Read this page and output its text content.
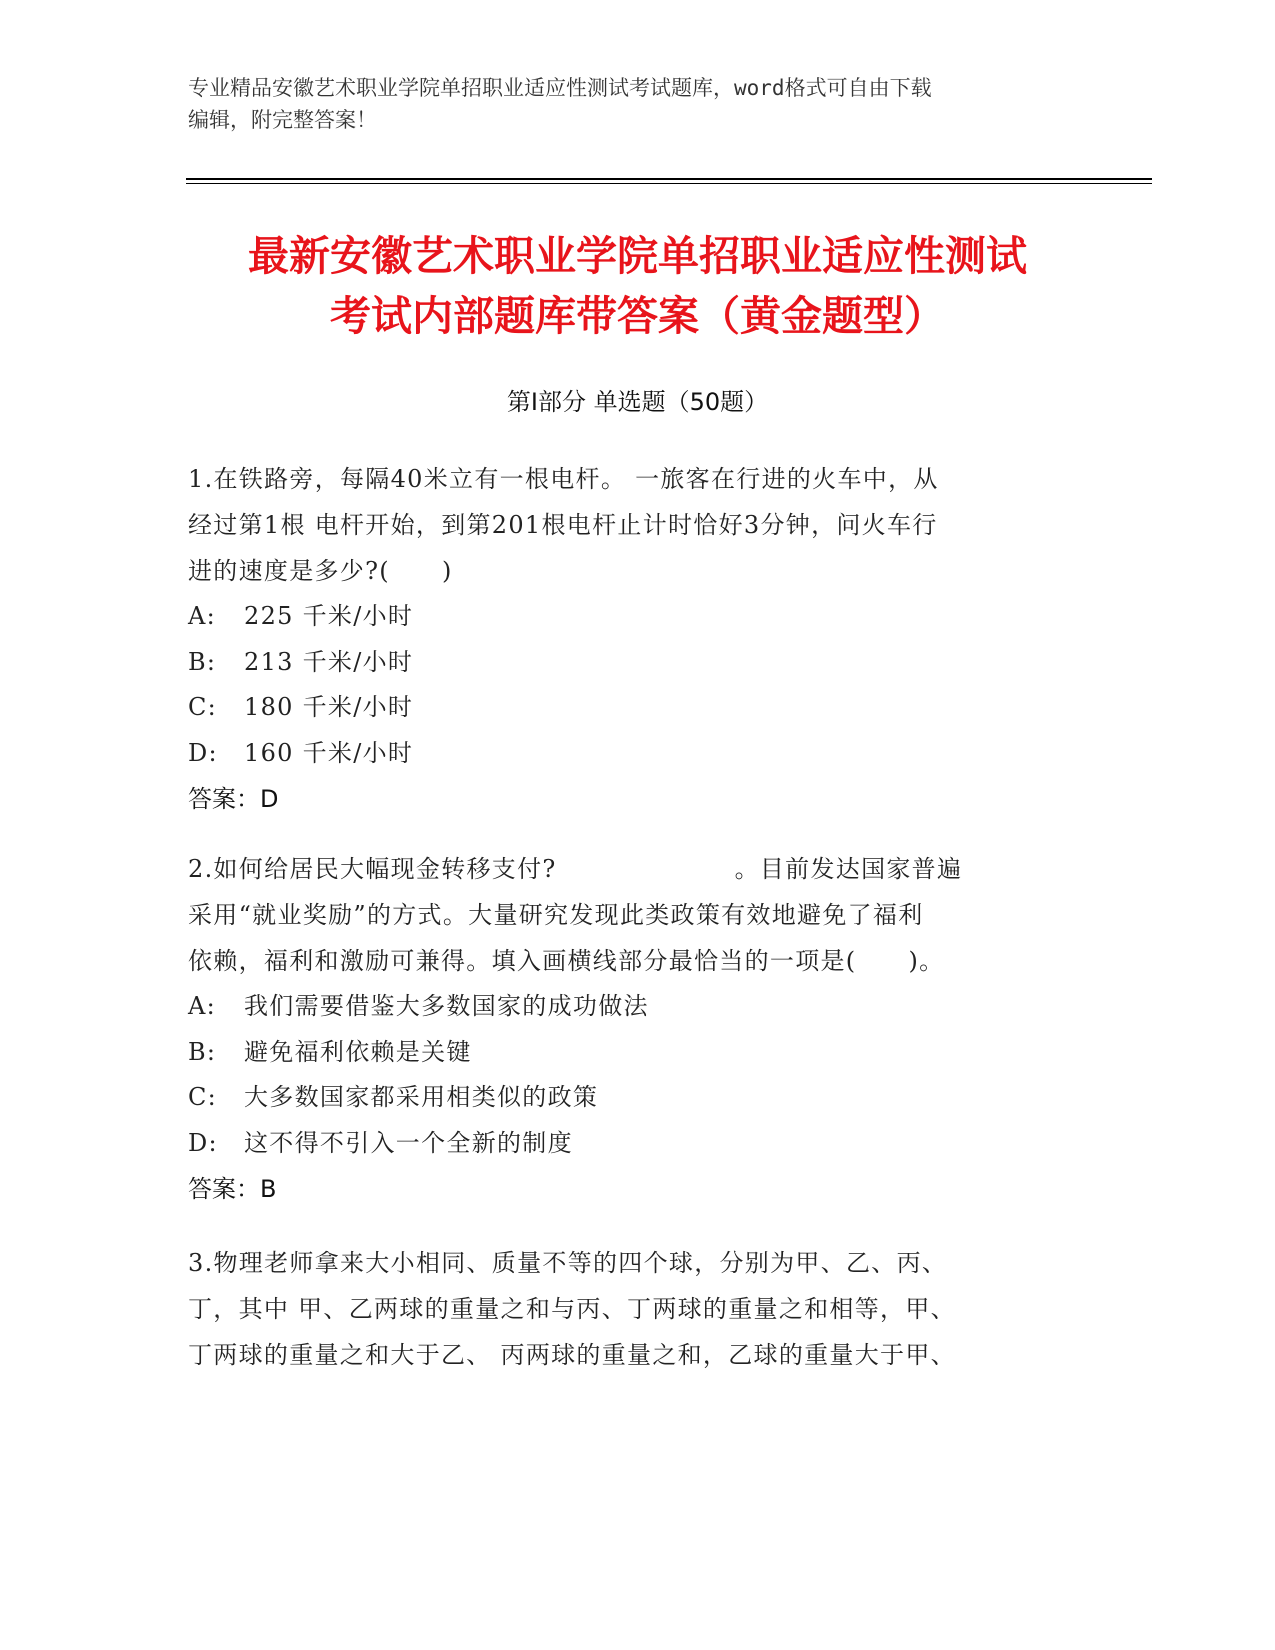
专业精品安徽艺术职业学院单招职业适应性测试考试题库，word格式可自由下载
编辑，附完整答案！
最新安徽艺术职业学院单招职业适应性测试
考试内部题库带答案（黄金题型）
第Ⅰ部分 单选题（50题）
1.在铁路旁，每隔40米立有一根电杆。 一旅客在行进的火车中，从
经过第1根 电杆开始，到第201根电杆止计时恰好3分钟，问火车行
进的速度是多少?( )
A: 225 千米/小时
B: 213 千米/小时
C: 180 千米/小时
D: 160 千米/小时
答案：D
2.如何给居民大幅现金转移支付?	。目前发达国家普遍
采用“就业奖励”的方式。大量研究发现此类政策有效地避免了福利
依赖，福利和激励可兼得。填入画横线部分最恰当的一项是( )。
A: 我们需要借鉴大多数国家的成功做法
B: 避免福利依赖是关键
C: 大多数国家都采用相类似的政策
D: 这不得不引入一个全新的制度
答案：B
3.物理老师拿来大小相同、质量不等的四个球，分别为甲、乙、丙、
丁，其中 甲、乙两球的重量之和与丙、丁两球的重量之和相等，甲、
丁两球的重量之和大于乙、 丙两球的重量之和，乙球的重量大于甲、
